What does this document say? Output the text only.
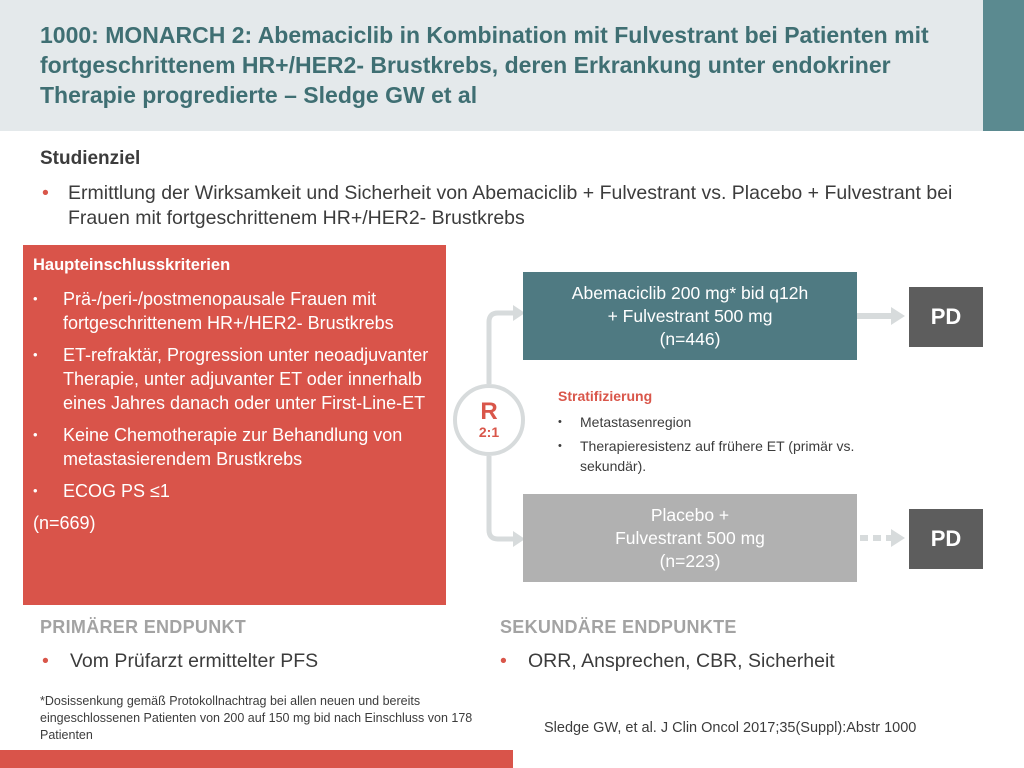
1000: MONARCH 2: Abemaciclib in Kombination mit Fulvestrant bei Patienten mit fortgeschrittenem HR+/HER2- Brustkrebs, deren Erkrankung unter endokriner Therapie progredierte – Sledge GW et al
Studienziel
• Ermittlung der Wirksamkeit und Sicherheit von Abemaciclib + Fulvestrant vs. Placebo + Fulvestrant bei Frauen mit fortgeschrittenem HR+/HER2- Brustkrebs
Haupteinschlusskriterien
•	Prä-/peri-/postmenopausale Frauen mit fortgeschrittenem HR+/HER2- Brustkrebs
•	ET-refraktär, Progression unter neoadjuvanter Therapie, unter adjuvanter ET oder innerhalb eines Jahres danach oder unter First-Line-ET
•	Keine Chemotherapie zur Behandlung von metastasierendem Brustkrebs
•	ECOG PS ≤1
(n=669)
R
2:1
Abemaciclib 200 mg* bid q12h
+ Fulvestrant 500 mg
(n=446)
PD
Stratifizierung
•	Metastasenregion
•	Therapieresistenz auf frühere ET (primär vs. sekundär).
Placebo +
Fulvestrant 500 mg
(n=223)
PD
PRIMÄRER ENDPUNKT
•	Vom Prüfarzt ermittelter PFS
SEKUNDÄRE ENDPUNKTE
•	ORR, Ansprechen, CBR, Sicherheit
*Dosissenkung gemäß Protokollnachtrag bei allen neuen und bereits eingeschlossenen Patienten von 200 auf 150 mg bid nach Einschluss von 178 Patienten	Sledge GW, et al. J Clin Oncol 2017;35(Suppl):Abstr 1000
